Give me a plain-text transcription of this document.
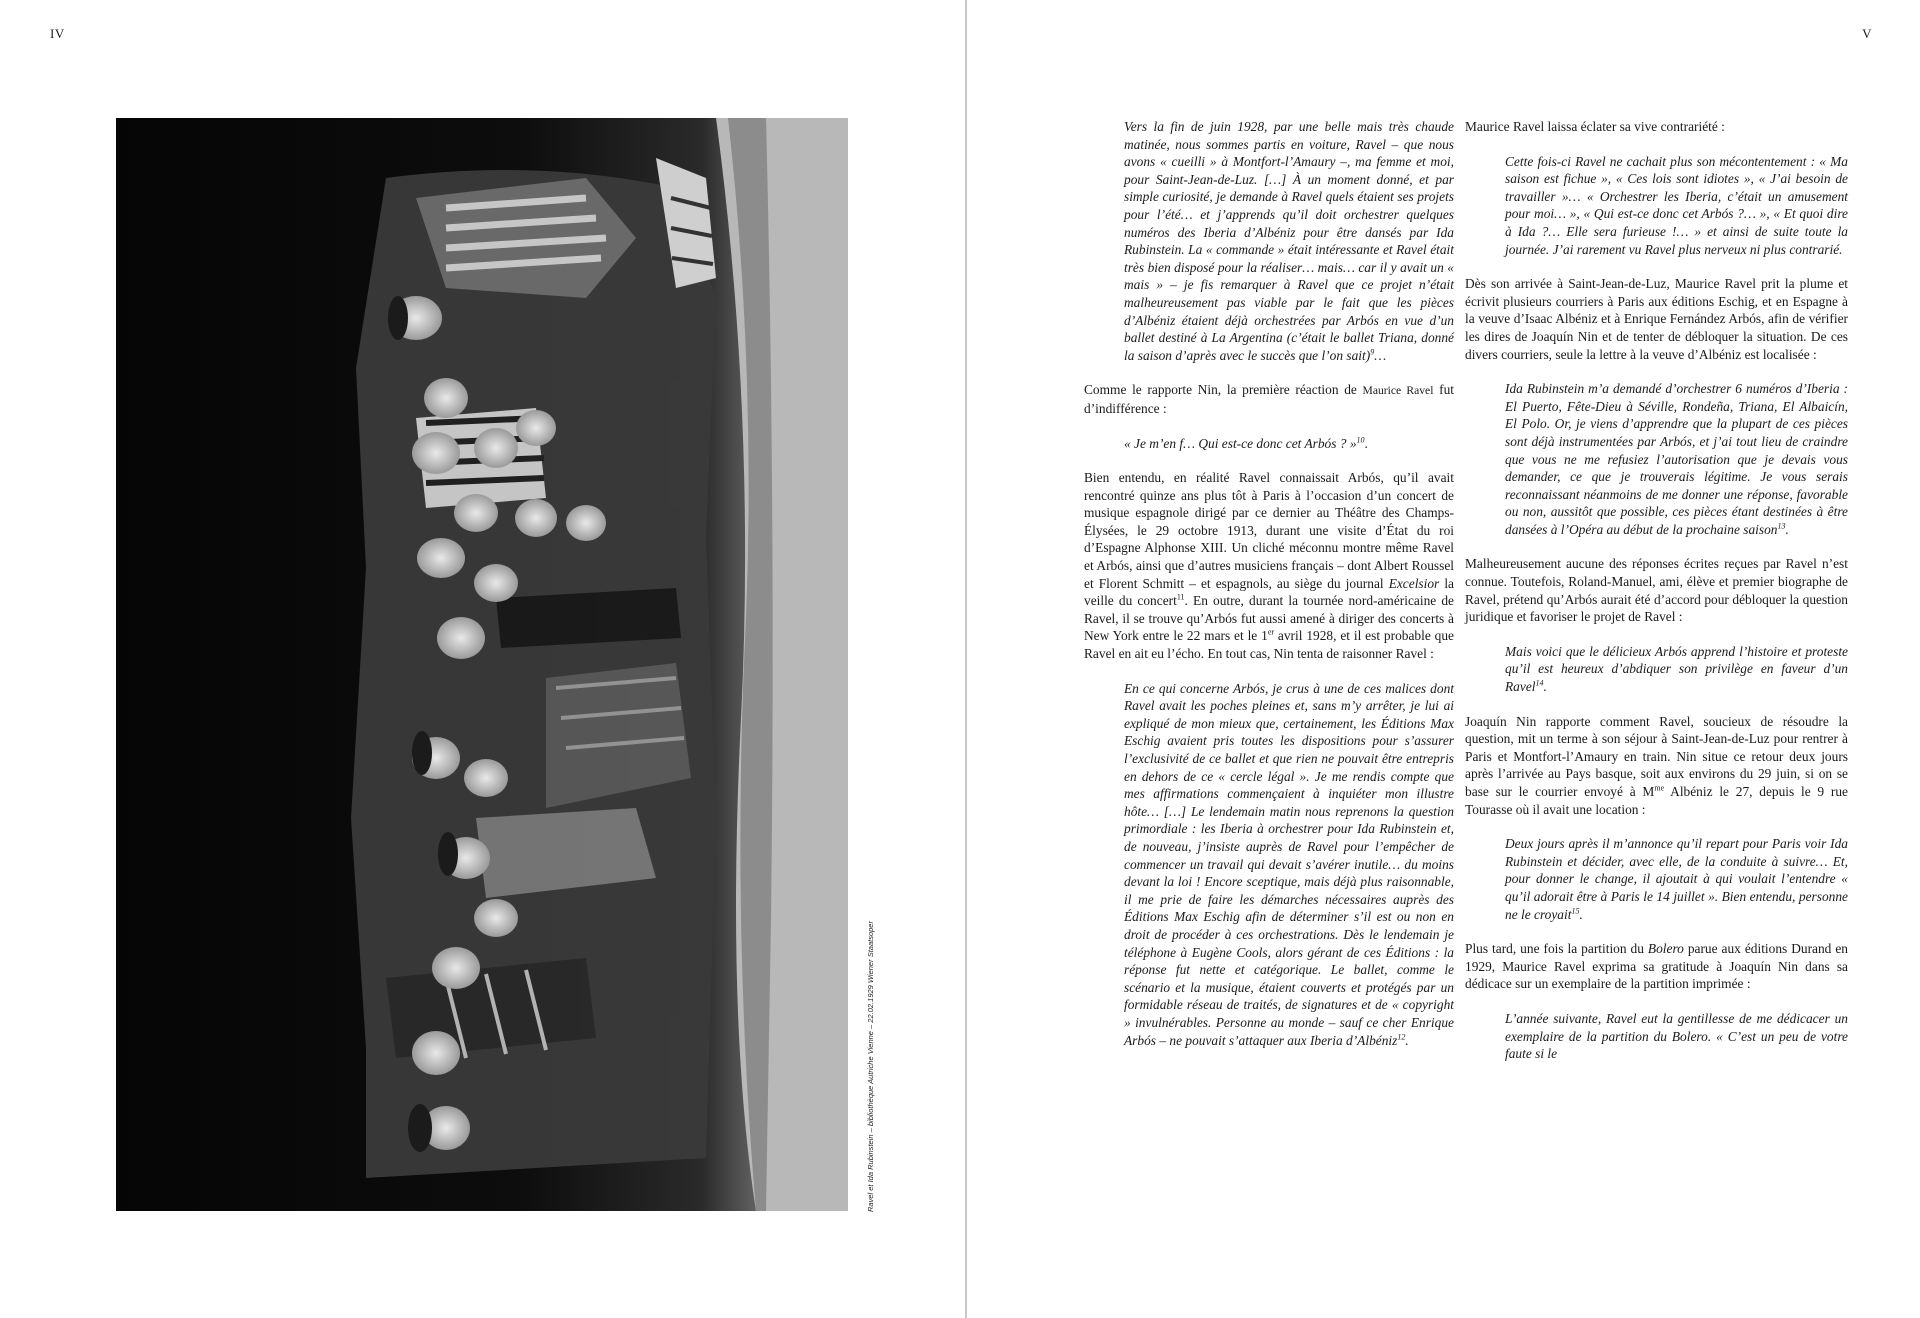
IV
Ravel et Ida Rubinstein – bibliothèque Autriche Vienne – 22.02.1929 Wiener Staatsoper
V

Vers la fin de juin 1928, par une belle mais très chaude matinée, nous sommes partis en voiture, Ravel – que nous avons « cueilli » à Montfort-l’Amaury –, ma femme et moi, pour Saint-Jean-de-Luz. […] À un moment donné, et par simple curiosité, je demande à Ravel quels étaient ses projets pour l’été… et j’apprends qu’il doit orchestrer quelques numéros des Iberia d’Albéniz pour être dansés par Ida Rubinstein. La « commande » était intéressante et Ravel était très bien disposé pour la réaliser… mais… car il y avait un « mais » – je fis remarquer à Ravel que ce projet n’était malheureusement pas viable par le fait que les pièces d’Albéniz étaient déjà orchestrées par Arbós en vue d’un ballet destiné à La Argentina (c’était le ballet Triana, donné la saison d’après avec le succès que l’on sait)$^9$…

Comme le rapporte Nin, la première réaction de Maurice Ravel fut d’indifférence :

« Je m’en f… Qui est-ce donc cet Arbós ? »$^{10}$.

Bien entendu, en réalité Ravel connaissait Arbós, qu’il avait rencontré quinze ans plus tôt à Paris à l’occasion d’un concert de musique espagnole dirigé par ce dernier au Théâtre des Champs-Élysées, le 29 octobre 1913, durant une visite d’État du roi d’Espagne Alphonse XIII. Un cliché méconnu montre même Ravel et Arbós, ainsi que d’autres musiciens français – dont Albert Roussel et Florent Schmitt – et espagnols, au siège du journal Excelsior la veille du concert$^{11}$. En outre, durant la tournée nord-américaine de Ravel, il se trouve qu’Arbós fut aussi amené à diriger des concerts à New York entre le 22 mars et le 1er avril 1928, et il est probable que Ravel en ait eu l’écho. En tout cas, Nin tenta de raisonner Ravel :

En ce qui concerne Arbós, je crus à une de ces malices dont Ravel avait les poches pleines et, sans m’y arrêter, je lui ai expliqué de mon mieux que, certainement, les Éditions Max Eschig avaient pris toutes les dispositions pour s’assurer l’exclusivité de ce ballet et que rien ne pouvait être entrepris en dehors de ce « cercle légal ». Je me rendis compte que mes affirmations commençaient à inquiéter mon illustre hôte… […] Le lendemain matin nous reprenons la question primordiale : les Iberia à orchestrer pour Ida Rubinstein et, de nouveau, j’insiste auprès de Ravel pour l’empêcher de commencer un travail qui devait s’avérer inutile… du moins devant la loi ! Encore sceptique, mais déjà plus raisonnable, il me prie de faire les démarches nécessaires auprès des Éditions Max Eschig afin de déterminer s’il est ou non en droit de procéder à ces orchestrations. Dès le lendemain je téléphone à Eugène Cools, alors gérant de ces Éditions : la réponse fut nette et catégorique. Le ballet, comme le scénario et la musique, étaient couverts et protégés par un formidable réseau de traités, de signatures et de « copyright » invulnérables. Personne au monde – sauf ce cher Enrique Arbós – ne pouvait s’attaquer aux Iberia d’Albéniz$^{12}$.

Maurice Ravel laissa éclater sa vive contrariété :

Cette fois-ci Ravel ne cachait plus son mécontentement : « Ma saison est fichue », « Ces lois sont idiotes », « J’ai besoin de travailler »… « Orchestrer les Iberia, c’était un amusement pour moi… », « Qui est-ce donc cet Arbós ?… », « Et quoi dire à Ida ?… Elle sera furieuse !… » et ainsi de suite toute la journée. J’ai rarement vu Ravel plus nerveux ni plus contrarié.

Dès son arrivée à Saint-Jean-de-Luz, Maurice Ravel prit la plume et écrivit plusieurs courriers à Paris aux éditions Eschig, et en Espagne à la veuve d’Isaac Albéniz et à Enrique Fernández Arbós, afin de vérifier les dires de Joaquín Nin et de tenter de débloquer la situation. De ces divers courriers, seule la lettre à la veuve d’Albéniz est localisée :

Ida Rubinstein m’a demandé d’orchestrer 6 numéros d’Iberia : El Puerto, Fête-Dieu à Séville, Rondeña, Triana, El Albaicín, El Polo. Or, je viens d’apprendre que la plupart de ces pièces sont déjà instrumentées par Arbós, et j’ai tout lieu de craindre que vous ne me refusiez l’autorisation que je devais vous demander, ce que je trouverais légitime. Je vous serais reconnaissant néanmoins de me donner une réponse, favorable ou non, aussitôt que possible, ces pièces étant destinées à être dansées à l’Opéra au début de la prochaine saison$^{13}$.

Malheureusement aucune des réponses écrites reçues par Ravel n’est connue. Toutefois, Roland-Manuel, ami, élève et premier biographe de Ravel, prétend qu’Arbós aurait été d’accord pour débloquer la question juridique et favoriser le projet de Ravel :

Mais voici que le délicieux Arbós apprend l’histoire et proteste qu’il est heureux d’abdiquer son privilège en faveur d’un Ravel$^{14}$.

Joaquín Nin rapporte comment Ravel, soucieux de résoudre la question, mit un terme à son séjour à Saint-Jean-de-Luz pour rentrer à Paris et Montfort-l’Amaury en train. Nin situe ce retour deux jours après l’arrivée au Pays basque, soit aux environs du 29 juin, si on se base sur le courrier envoyé à $M^{me}$ Albéniz le 27, depuis le 9 rue Tourasse où il avait une location :

Deux jours après il m’annonce qu’il repart pour Paris voir Ida Rubinstein et décider, avec elle, de la conduite à suivre… Et, pour donner le change, il ajoutait à qui voulait l’entendre « qu’il adorait être à Paris le 14 juillet ». Bien entendu, personne ne le croyait$^{15}$.

Plus tard, une fois la partition du Bolero parue aux éditions Durand en 1929, Maurice Ravel exprima sa gratitude à Joaquín Nin dans sa dédicace sur un exemplaire de la partition imprimée :

L’année suivante, Ravel eut la gentillesse de me dédicacer un exemplaire de la partition du Bolero. « C’est un peu de votre faute si le
